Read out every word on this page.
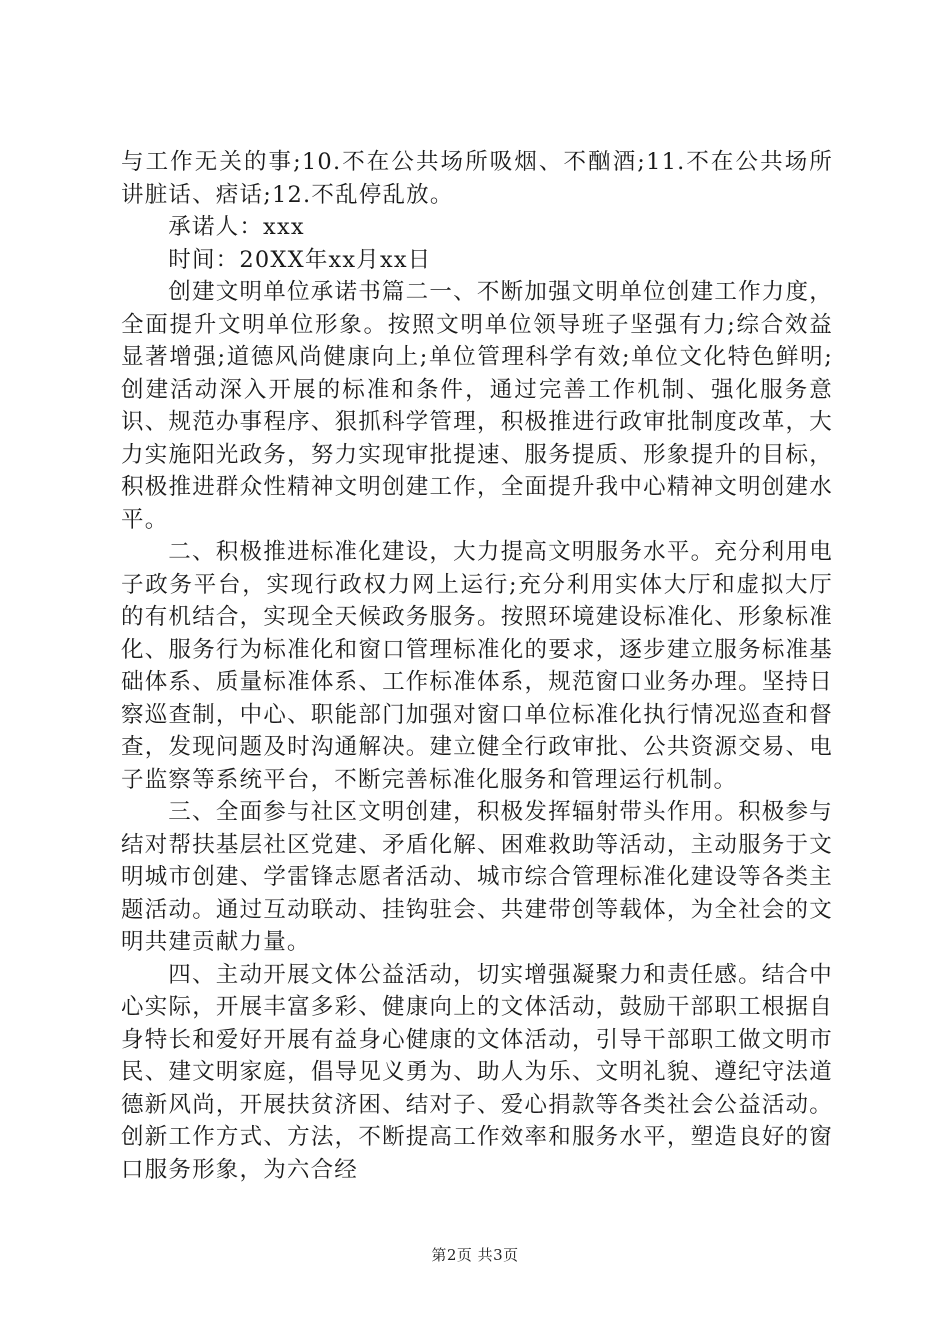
与工作无关的事;10.不在公共场所吸烟、不酗酒;11.不在公共场所讲脏话、痞话;12.不乱停乱放。

承诺人：xxx

时间：20XX年xx月xx日

创建文明单位承诺书篇二一、不断加强文明单位创建工作力度，全面提升文明单位形象。按照文明单位领导班子坚强有力;综合效益显著增强;道德风尚健康向上;单位管理科学有效;单位文化特色鲜明;创建活动深入开展的标准和条件，通过完善工作机制、强化服务意识、规范办事程序、狠抓科学管理，积极推进行政审批制度改革，大力实施阳光政务，努力实现审批提速、服务提质、形象提升的目标，积极推进群众性精神文明创建工作，全面提升我中心精神文明创建水平。

二、积极推进标准化建设，大力提高文明服务水平。充分利用电子政务平台，实现行政权力网上运行;充分利用实体大厅和虚拟大厅的有机结合，实现全天候政务服务。按照环境建设标准化、形象标准化、服务行为标准化和窗口管理标准化的要求，逐步建立服务标准基础体系、质量标准体系、工作标准体系，规范窗口业务办理。坚持日察巡查制，中心、职能部门加强对窗口单位标准化执行情况巡查和督查，发现问题及时沟通解决。建立健全行政审批、公共资源交易、电子监察等系统平台，不断完善标准化服务和管理运行机制。

三、全面参与社区文明创建，积极发挥辐射带头作用。积极参与结对帮扶基层社区党建、矛盾化解、困难救助等活动，主动服务于文明城市创建、学雷锋志愿者活动、城市综合管理标准化建设等各类主题活动。通过互动联动、挂钩驻会、共建带创等载体，为全社会的文明共建贡献力量。

四、主动开展文体公益活动，切实增强凝聚力和责任感。结合中心实际，开展丰富多彩、健康向上的文体活动，鼓励干部职工根据自身特长和爱好开展有益身心健康的文体活动，引导干部职工做文明市民、建文明家庭，倡导见义勇为、助人为乐、文明礼貌、遵纪守法道德新风尚，开展扶贫济困、结对子、爱心捐款等各类社会公益活动。创新工作方式、方法，不断提高工作效率和服务水平，塑造良好的窗口服务形象，为六合经

第2页 共3页
